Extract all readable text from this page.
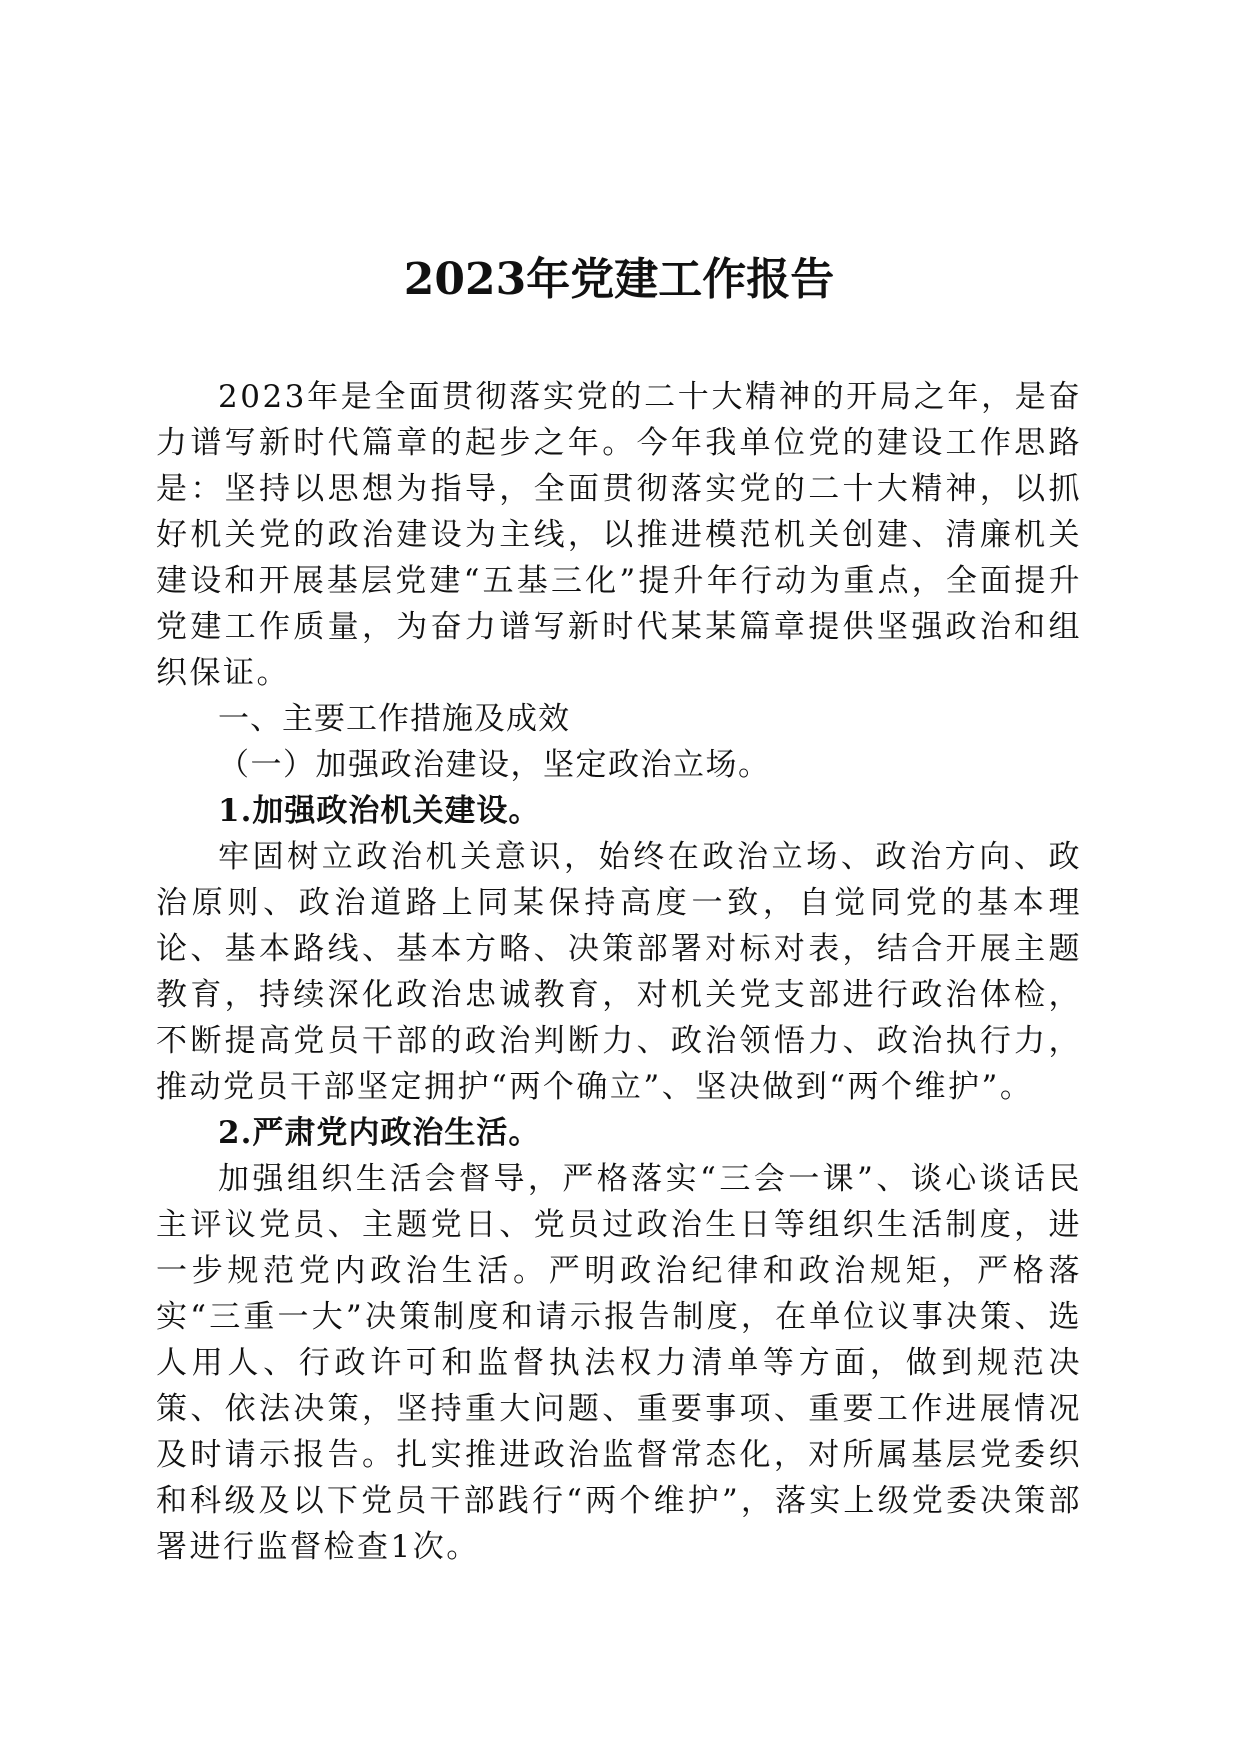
2023年党建工作报告

2023年是全面贯彻落实党的二十大精神的开局之年，是奋力谱写新时代篇章的起步之年。今年我单位党的建设工作思路是：坚持以思想为指导，全面贯彻落实党的二十大精神，以抓好机关党的政治建设为主线，以推进模范机关创建、清廉机关建设和开展基层党建“五基三化”提升年行动为重点，全面提升党建工作质量，为奋力谱写新时代某某篇章提供坚强政治和组织保证。

一、主要工作措施及成效

（一）加强政治建设，坚定政治立场。

1.加强政治机关建设。

牢固树立政治机关意识，始终在政治立场、政治方向、政治原则、政治道路上同某保持高度一致，自觉同党的基本理论、基本路线、基本方略、决策部署对标对表，结合开展主题教育，持续深化政治忠诚教育，对机关党支部进行政治体检，不断提高党员干部的政治判断力、政治领悟力、政治执行力，推动党员干部坚定拥护“两个确立”、坚决做到“两个维护”。

2.严肃党内政治生活。

加强组织生活会督导，严格落实“三会一课”、谈心谈话民主评议党员、主题党日、党员过政治生日等组织生活制度，进一步规范党内政治生活。严明政治纪律和政治规矩，严格落实“三重一大”决策制度和请示报告制度，在单位议事决策、选人用人、行政许可和监督执法权力清单等方面，做到规范决策、依法决策，坚持重大问题、重要事项、重要工作进展情况及时请示报告。扎实推进政治监督常态化，对所属基层党委织和科级及以下党员干部践行“两个维护”，落实上级党委决策部署进行监督检查1次。
